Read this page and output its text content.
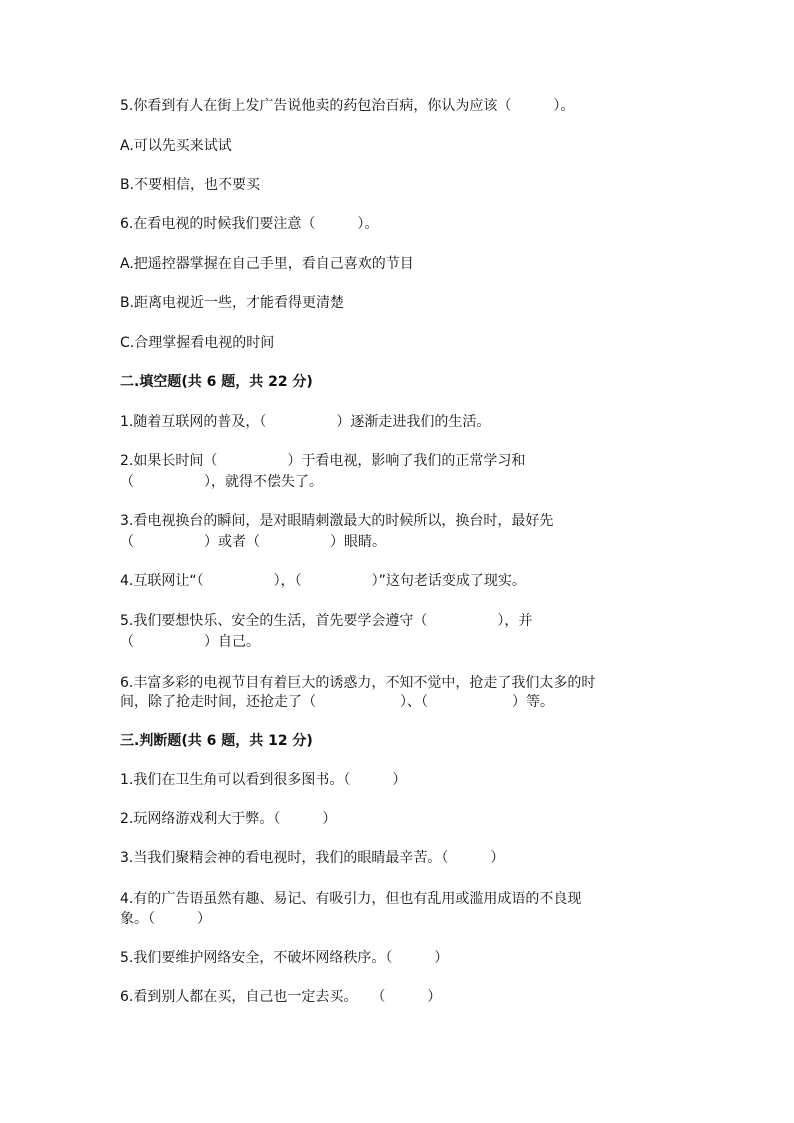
5.你看到有人在街上发广告说他卖的药包治百病，你认为应该（　　　）。

A.可以先买来试试

B.不要相信，也不要买

6.在看电视的时候我们要注意（　　　）。

A.把遥控器掌握在自己手里，看自己喜欢的节目

B.距离电视近一些，才能看得更清楚

C.合理掌握看电视的时间

二.填空题(共 6 题，共 22 分)

1.随着互联网的普及，（　　　　　）逐渐走进我们的生活。

2.如果长时间（　　　　　）于看电视，影响了我们的正常学习和

（　　　　　），就得不偿失了。

3.看电视换台的瞬间，是对眼睛刺激最大的时候所以，换台时，最好先

（　　　　　）或者（　　　　　）眼睛。

4.互联网让“（　　　　　），（　　　　　）”这句老话变成了现实。

5.我们要想快乐、安全的生活，首先要学会遵守（　　　　　），并

（　　　　　）自己。

6.丰富多彩的电视节目有着巨大的诱惑力，不知不觉中，抢走了我们太多的时

间，除了抢走时间，还抢走了（　　　　　　）、（　　　　　　）等。

三.判断题(共 6 题，共 12 分)

1.我们在卫生角可以看到很多图书。（　　　）

2.玩网络游戏利大于弊。（　　　）

3.当我们聚精会神的看电视时，我们的眼睛最辛苦。（　　　）

4.有的广告语虽然有趣、易记、有吸引力，但也有乱用或滥用成语的不良现

象。（　　　）

5.我们要维护网络安全，不破坏网络秩序。（　　　）

6.看到别人都在买，自己也一定去买。　　（　　　）
